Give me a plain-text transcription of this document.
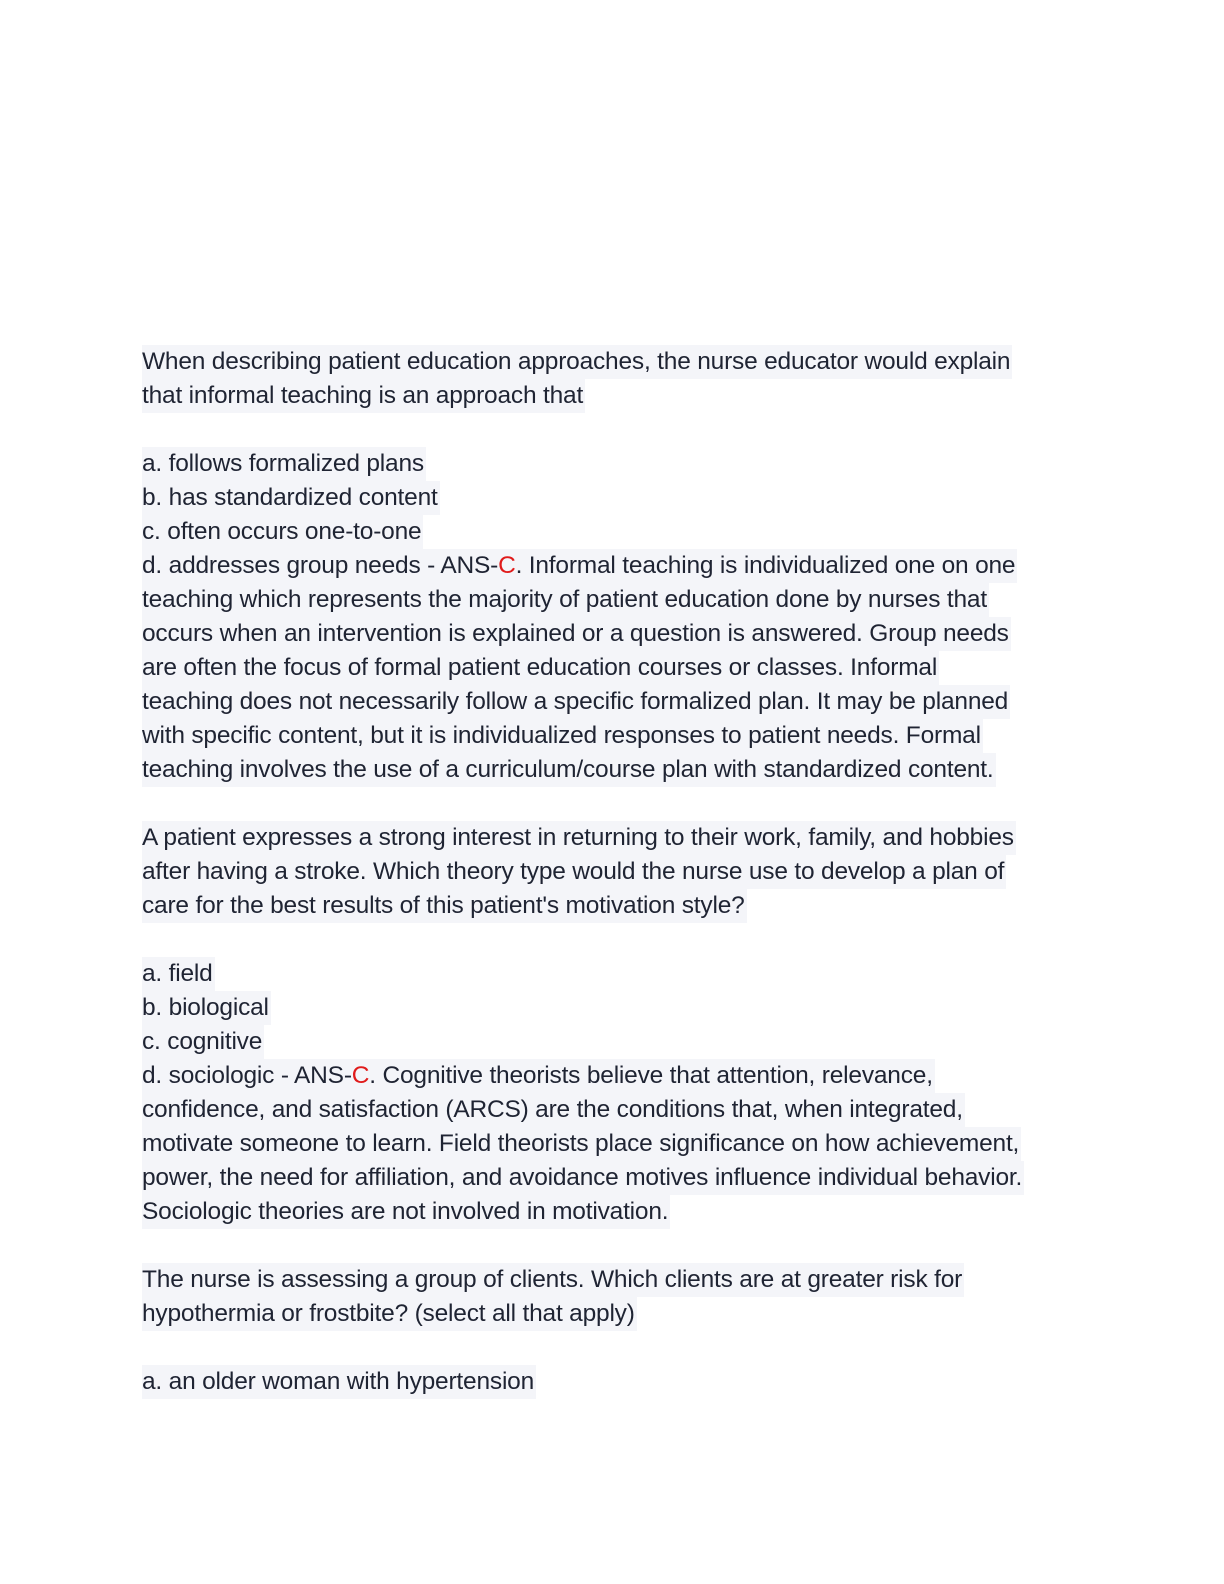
When describing patient education approaches, the nurse educator would explain
that informal teaching is an approach that
a. follows formalized plans
b. has standardized content
c. often occurs one-to-one
d. addresses group needs - ANS-C. Informal teaching is individualized one on one
teaching which represents the majority of patient education done by nurses that
occurs when an intervention is explained or a question is answered. Group needs
are often the focus of formal patient education courses or classes. Informal
teaching does not necessarily follow a specific formalized plan. It may be planned
with specific content, but it is individualized responses to patient needs. Formal
teaching involves the use of a curriculum/course plan with standardized content.
A patient expresses a strong interest in returning to their work, family, and hobbies
after having a stroke. Which theory type would the nurse use to develop a plan of
care for the best results of this patient's motivation style?
a. field
b. biological
c. cognitive
d. sociologic - ANS-C. Cognitive theorists believe that attention, relevance,
confidence, and satisfaction (ARCS) are the conditions that, when integrated,
motivate someone to learn. Field theorists place significance on how achievement,
power, the need for affiliation, and avoidance motives influence individual behavior.
Sociologic theories are not involved in motivation.
The nurse is assessing a group of clients. Which clients are at greater risk for
hypothermia or frostbite? (select all that apply)
a. an older woman with hypertension
